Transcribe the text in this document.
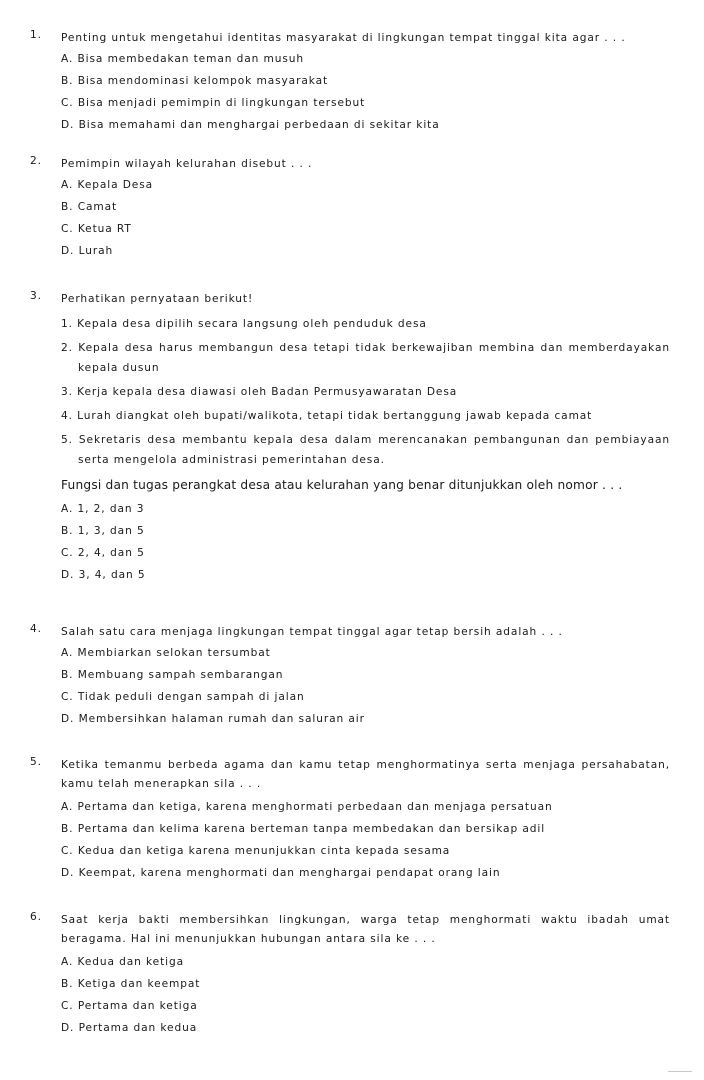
1. Penting untuk mengetahui identitas masyarakat di lingkungan tempat tinggal kita agar . . .
A. Bisa membedakan teman dan musuh
B. Bisa mendominasi kelompok masyarakat
C. Bisa menjadi pemimpin di lingkungan tersebut
D. Bisa memahami dan menghargai perbedaan di sekitar kita
2. Pemimpin wilayah kelurahan disebut . . .
A. Kepala Desa
B. Camat
C. Ketua RT
D. Lurah
3. Perhatikan pernyataan berikut!
1. Kepala desa dipilih secara langsung oleh penduduk desa
2. Kepala desa harus membangun desa tetapi tidak berkewajiban membina dan memberdayakan kepala dusun
3. Kerja kepala desa diawasi oleh Badan Permusyawaratan Desa
4. Lurah diangkat oleh bupati/walikota, tetapi tidak bertanggung jawab kepada camat
5. Sekretaris desa membantu kepala desa dalam merencanakan pembangunan dan pembiayaan serta mengelola administrasi pemerintahan desa.
Fungsi dan tugas perangkat desa atau kelurahan yang benar ditunjukkan oleh nomor . . .
A. 1, 2, dan 3
B. 1, 3, dan 5
C. 2, 4, dan 5
D. 3, 4, dan 5
4. Salah satu cara menjaga lingkungan tempat tinggal agar tetap bersih adalah . . .
A. Membiarkan selokan tersumbat
B. Membuang sampah sembarangan
C. Tidak peduli dengan sampah di jalan
D. Membersihkan halaman rumah dan saluran air
5. Ketika temanmu berbeda agama dan kamu tetap menghormatinya serta menjaga persahabatan, kamu telah menerapkan sila . . .
A. Pertama dan ketiga, karena menghormati perbedaan dan menjaga persatuan
B. Pertama dan kelima karena berteman tanpa membedakan dan bersikap adil
C. Kedua dan ketiga karena menunjukkan cinta kepada sesama
D. Keempat, karena menghormati dan menghargai pendapat orang lain
6. Saat kerja bakti membersihkan lingkungan, warga tetap menghormati waktu ibadah umat beragama. Hal ini menunjukkan hubungan antara sila ke . . .
A. Kedua dan ketiga
B. Ketiga dan keempat
C. Pertama dan ketiga
D. Pertama dan kedua
